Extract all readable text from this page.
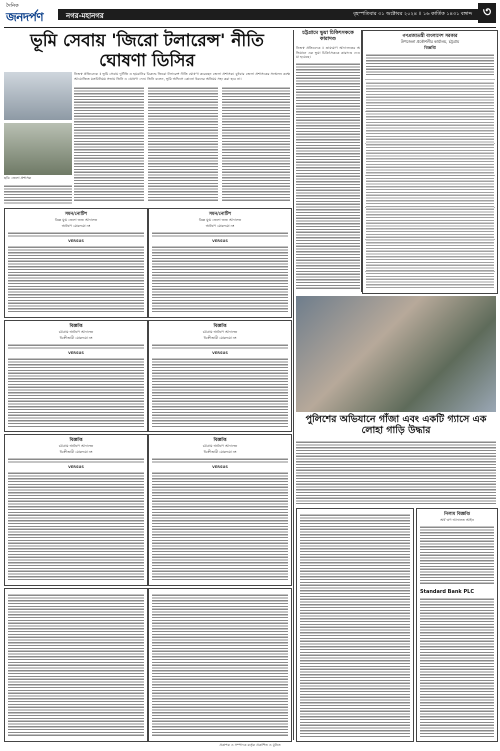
দৈনিক
জনদর্পণ	নগর-মহানগর	বৃহস্পতিবার ৩১ অক্টোবর ২০২৪ ॥ ১৬ কার্তিক ১৪৩১ বঙ্গাব্দ ৩
ভূমি সেবায় 'জিরো টলারেন্স' নীতি ঘোষণা ডিসির
ছবি: জেলা প্রশাসক
নিজস্ব প্রতিবেদক ॥ ভূমি সেবায় দুর্নীতি ও হয়রানির বিরুদ্ধে জিরো টলারেন্স নীতি ঘোষণা করেছেন জেলা প্রশাসক। বুধবার জেলা প্রশাসকের সম্মেলন কক্ষে আয়োজিত মতবিনিময় সভায় তিনি এ ঘোষণা দেন। তিনি বলেন, ভূমি অফিসে কোনো ধরনের অনিয়ম সহ্য করা হবে না।
সমন/নোটিশ
বিজ্ঞ যুগ্ম জেলা জজ আদালত
অর্থঋণ মোকদ্দমা নং
VERSUS
সমন/নোটিশ
বিজ্ঞ যুগ্ম জেলা জজ আদালত
অর্থঋণ মোকদ্দমা নং
VERSUS
বিজ্ঞপ্তি
চট্টগ্রাম অর্থঋণ আদালত
ডিক্রীজারী মোকদ্দমা নং
VERSUS
বিজ্ঞপ্তি
চট্টগ্রাম অর্থঋণ আদালত
ডিক্রীজারী মোকদ্দমা নং
VERSUS
বিজ্ঞপ্তি
চট্টগ্রাম অর্থঋণ আদালত
ডিক্রীজারী মোকদ্দমা নং
VERSUS
বিজ্ঞপ্তি
চট্টগ্রাম অর্থঋণ আদালত
ডিক্রীজারী মোকদ্দমা নং
VERSUS
চট্টগ্রামে ভুয়া চিকিৎসককে কারাদণ্ড
নিজস্ব প্রতিবেদক ॥ ভ্রাম্যমাণ আদালতের অভিযানে এক ভুয়া চিকিৎসককে কারাদণ্ড দেওয়া হয়েছে।
গণপ্রজাতন্ত্রী বাংলাদেশ সরকার
উপজেলা প্রকৌশলীর কার্যালয়, চট্টগ্রাম
বিজ্ঞপ্তি
পুলিশের অভিযানে গাঁজা এবং একটি গ্যাসে এক লোহা গাড়ি উদ্ধার
নিলাম বিজ্ঞপ্তি
অর্থ ঋণ আদালত আইন
Standard Bank PLC
প্রকাশক ও সম্পাদক কর্তৃক প্রকাশিত ও মুদ্রিত
